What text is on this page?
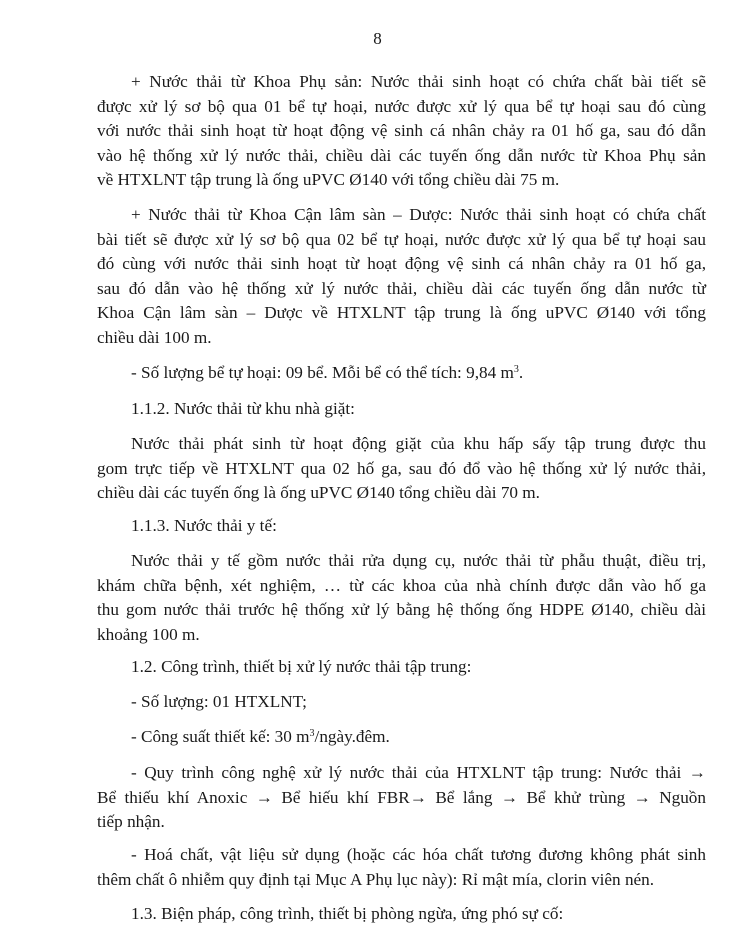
8
+ Nước thải từ Khoa Phụ sản: Nước thải sinh hoạt có chứa chất bài tiết sẽ
được xử lý sơ bộ qua 01 bể tự hoại, nước được xử lý qua bể tự hoại sau đó cùng
với nước thải sinh hoạt từ hoạt động vệ sinh cá nhân chảy ra 01 hố ga, sau đó dẫn
vào hệ thống xử lý nước thải, chiều dài các tuyến ống dẫn nước từ Khoa Phụ sản
về HTXLNT tập trung là ống uPVC Ø140 với tổng chiều dài 75 m.
+ Nước thải từ Khoa Cận lâm sàn – Dược: Nước thải sinh hoạt có chứa chất
bài tiết sẽ được xử lý sơ bộ qua 02 bể tự hoại, nước được xử lý qua bể tự hoại sau
đó cùng với nước thải sinh hoạt từ hoạt động vệ sinh cá nhân chảy ra 01 hố ga,
sau đó dẫn vào hệ thống xử lý nước thải, chiều dài các tuyến ống dẫn nước từ
Khoa Cận lâm sàn – Dược về HTXLNT tập trung là ống uPVC Ø140 với tổng
chiều dài 100 m.
- Số lượng bể tự hoại: 09 bể. Mỗi bể có thể tích: 9,84 $m^3$.
1.1.2. Nước thải từ khu nhà giặt:
Nước thải phát sinh từ hoạt động giặt của khu hấp sấy tập trung được thu
gom trực tiếp về HTXLNT qua 02 hố ga, sau đó đổ vào hệ thống xử lý nước thải,
chiều dài các tuyến ống là ống uPVC Ø140 tổng chiều dài 70 m.
1.1.3. Nước thải y tế:
Nước thải y tế gồm nước thải rửa dụng cụ, nước thải từ phẫu thuật, điều trị,
khám chữa bệnh, xét nghiệm, … từ các khoa của nhà chính được dẫn vào hố ga
thu gom nước thải trước hệ thống xử lý bằng hệ thống ống HDPE Ø140, chiều dài
khoảng 100 m.
1.2. Công trình, thiết bị xử lý nước thải tập trung:
- Số lượng: 01 HTXLNT;
- Công suất thiết kế: 30 $m^3/ngày.đêm$.
- Quy trình công nghệ xử lý nước thải của HTXLNT tập trung: Nước thải →
Bể thiếu khí Anoxic → Bể hiếu khí FBR→ Bể lắng → Bể khử trùng → Nguồn
tiếp nhận.
- Hoá chất, vật liệu sử dụng (hoặc các hóa chất tương đương không phát sinh
thêm chất ô nhiễm quy định tại Mục A Phụ lục này): Rỉ mật mía, clorin viên nén.
1.3. Biện pháp, công trình, thiết bị phòng ngừa, ứng phó sự cố:
